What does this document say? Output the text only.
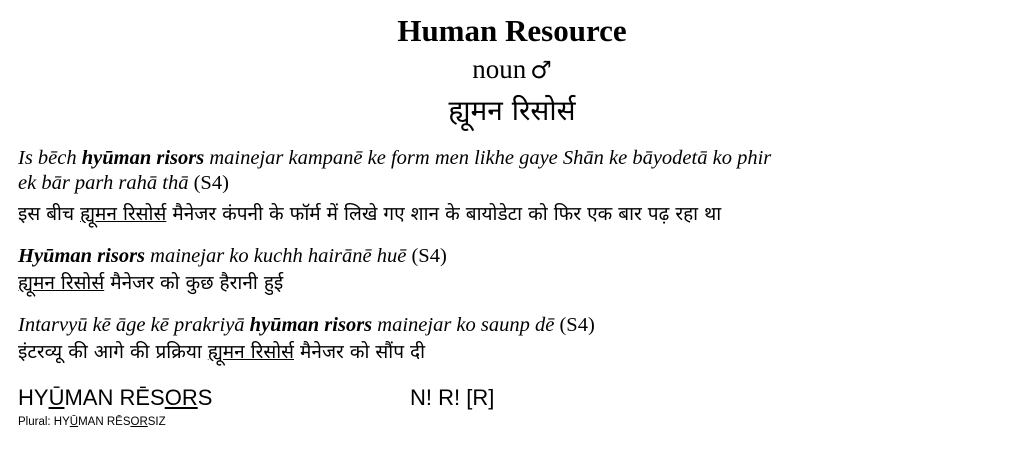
Human Resource
noun ♂
ह्यूमन रिसोर्स
Is bēch hyūman risors mainejar kampanē ke form men likhe gaye Shān ke bāyodetā ko phir
ek bār parh rahā thā (S4)
इस बीच ह्यूमन रिसोर्स मैनेजर कंपनी के फॉर्म में लिखे गए शान के बायोडेटा को फिर एक बार पढ़ रहा था
Hyūman risors mainejar ko kuchh hairānē huē (S4)
ह्यूमन रिसोर्स मैनेजर को कुछ हैरानी हुई
Intarvyū kē āge kē prakriyā hyūman risors mainejar ko saunp dē (S4)
इंटरव्यू की आगे की प्रक्रिया ह्यूमन रिसोर्स मैनेजर को सौंप दी
HYŪMAN RĒSORS	N! R! [R]
Plural: HYŪMAN RĒSORSIZ
